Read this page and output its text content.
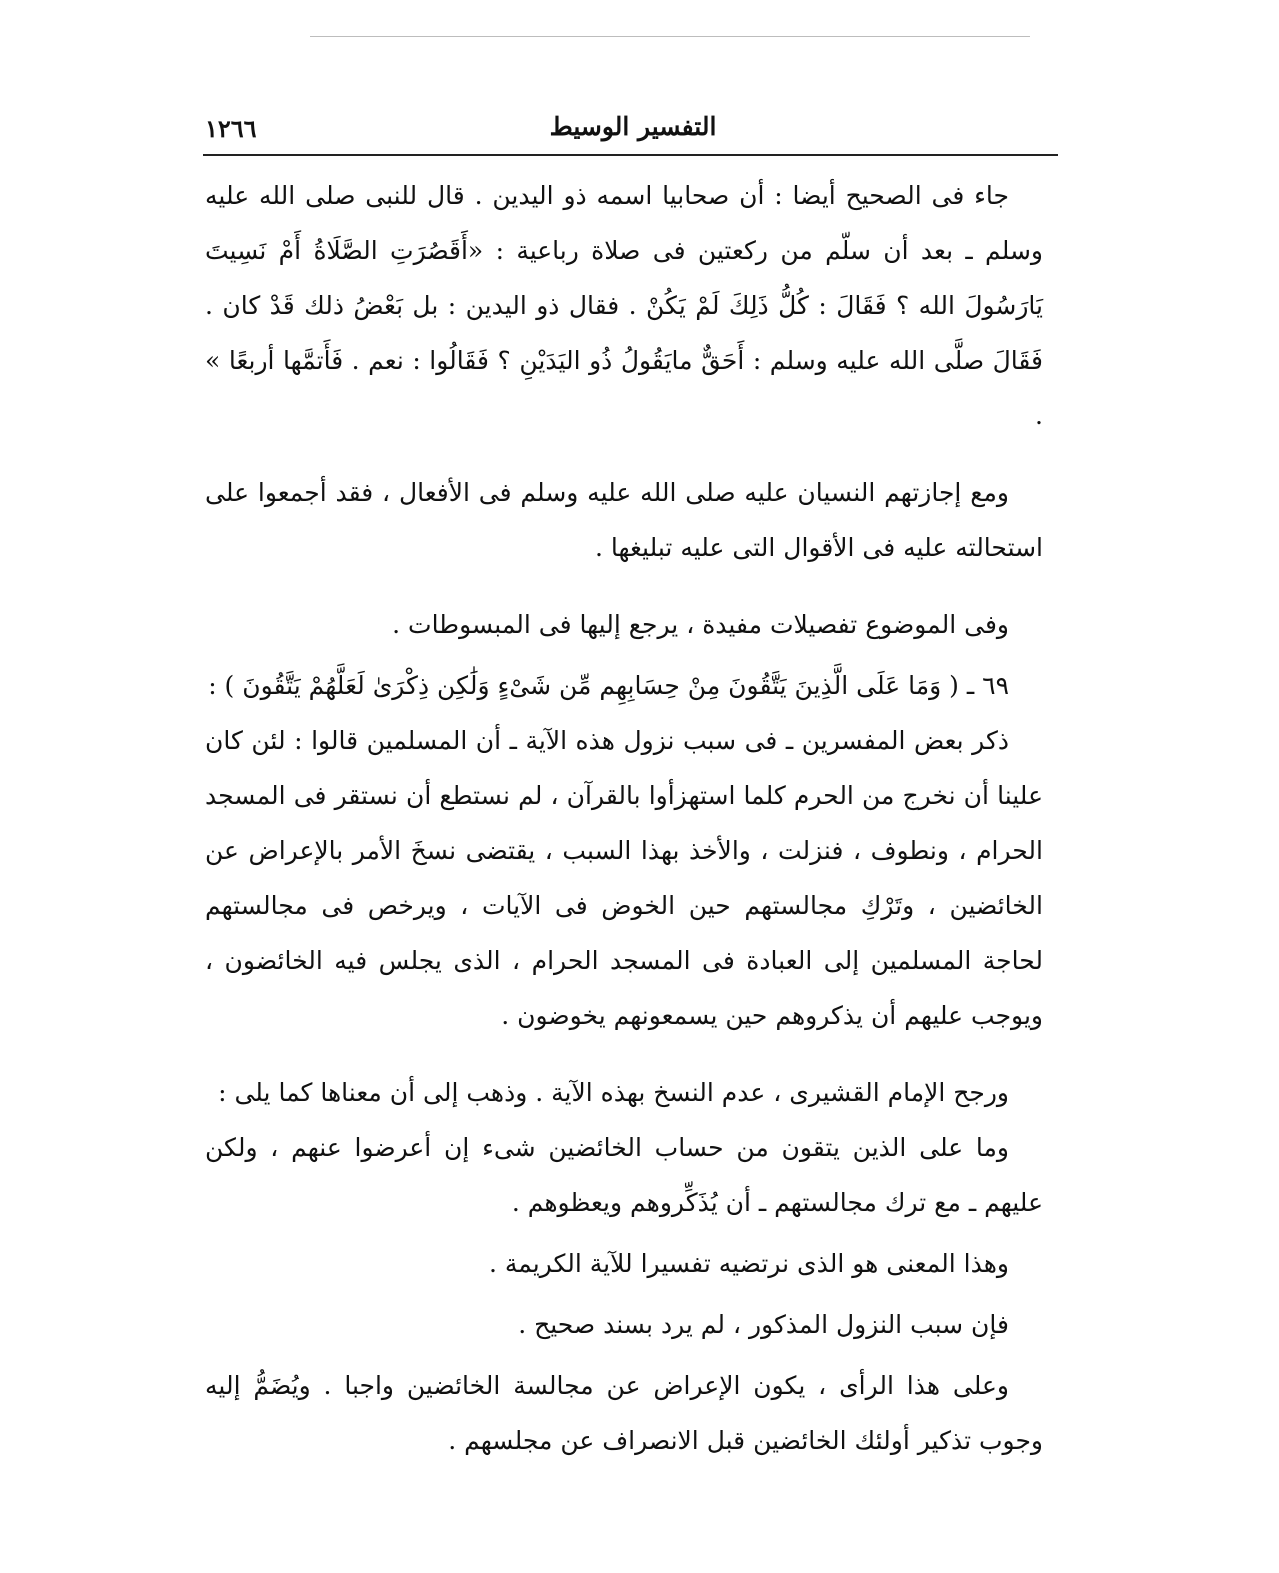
١٢٦٦	التفسير الوسيط

جاء فى الصحيح أيضا : أن صحابيا اسمه ذو اليدين . قال للنبى صلى الله عليه وسلم ـ بعد أن سلّم من ركعتين فى صلاة رباعية : «أَقَصُرَتِ الصَّلَاةُ أَمْ نَسِيتَ يَارَسُولَ الله ؟ فَقَالَ : كُلُّ ذَلِكَ لَمْ يَكُنْ . فقال ذو اليدين : بل بَعْضُ ذلك قَدْ كان . فَقَالَ صلَّى الله عليه وسلم : أَحَقٌّ مايَقُولُ ذُو اليَدَيْنِ ؟ فَقَالُوا : نعم . فَأَتمَّها أربعًا » .

ومع إجازتهم النسيان عليه صلى الله عليه وسلم فى الأفعال ، فقد أجمعوا على استحالته عليه فى الأقوال التى عليه تبليغها .

وفى الموضوع تفصيلات مفيدة ، يرجع إليها فى المبسوطات .

٦٩ ـ ( وَمَا عَلَى الَّذِينَ يَتَّقُونَ مِنْ حِسَابِهِم مِّن شَىْءٍ وَلَٰكِن ذِكْرَىٰ لَعَلَّهُمْ يَتَّقُونَ ) :

ذكر بعض المفسرين ـ فى سبب نزول هذه الآية ـ أن المسلمين قالوا : لئن كان علينا أن نخرج من الحرم كلما استهزأوا بالقرآن ، لم نستطع أن نستقر فى المسجد الحرام ، ونطوف ، فنزلت ، والأخذ بهذا السبب ، يقتضى نسخَ الأمر بالإعراض عن الخائضين ، وتَرْكِ مجالستهم حين الخوض فى الآيات ، ويرخص فى مجالستهم لحاجة المسلمين إلى العبادة فى المسجد الحرام ، الذى يجلس فيه الخائضون ، ويوجب عليهم أن يذكروهم حين يسمعونهم يخوضون .

ورجح الإمام القشيرى ، عدم النسخ بهذه الآية . وذهب إلى أن معناها كما يلى :

وما على الذين يتقون من حساب الخائضين شىء إن أعرضوا عنهم ، ولكن عليهم ـ مع ترك مجالستهم ـ أن يُذَكِّروهم ويعظوهم .

وهذا المعنى هو الذى نرتضيه تفسيرا للآية الكريمة .

فإن سبب النزول المذكور ، لم يرد بسند صحيح .

وعلى هذا الرأى ، يكون الإعراض عن مجالسة الخائضين واجبا . ويُضَمُّ إليه وجوب تذكير أولئك الخائضين قبل الانصراف عن مجلسهم .
